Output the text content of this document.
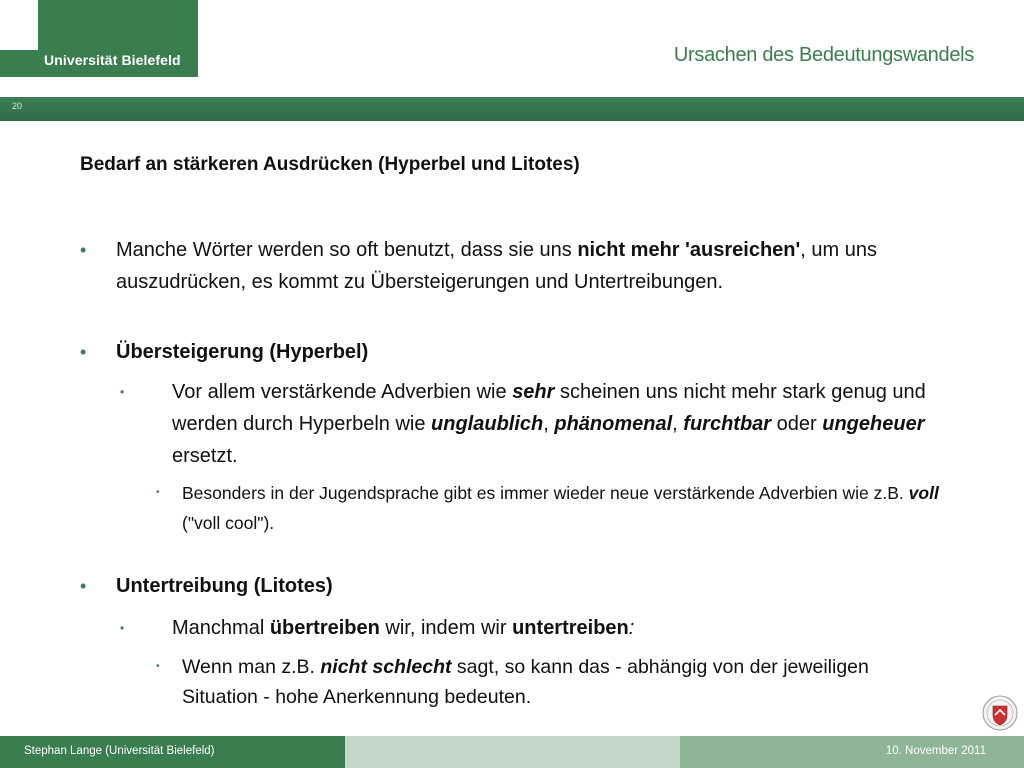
Universität Bielefeld	Ursachen des Bedeutungswandels
20
Bedarf an stärkeren Ausdrücken (Hyperbel und Litotes)
• Manche Wörter werden so oft benutzt, dass sie uns nicht mehr 'ausreichen', um uns auszudrücken, es kommt zu Übersteigerungen und Untertreibungen.
• Übersteigerung (Hyperbel)
• Vor allem verstärkende Adverbien wie sehr scheinen uns nicht mehr stark genug und werden durch Hyperbeln wie unglaublich, phänomenal, furchtbar oder ungeheuer ersetzt.
• Besonders in der Jugendsprache gibt es immer wieder neue verstärkende Adverbien wie z.B. voll ("voll cool").
• Untertreibung (Litotes)
• Manchmal übertreiben wir, indem wir untertreiben:
• Wenn man z.B. nicht schlecht sagt, so kann das - abhängig von der jeweiligen Situation - hohe Anerkennung bedeuten.
Stephan Lange (Universität Bielefeld)	10. November 2011
